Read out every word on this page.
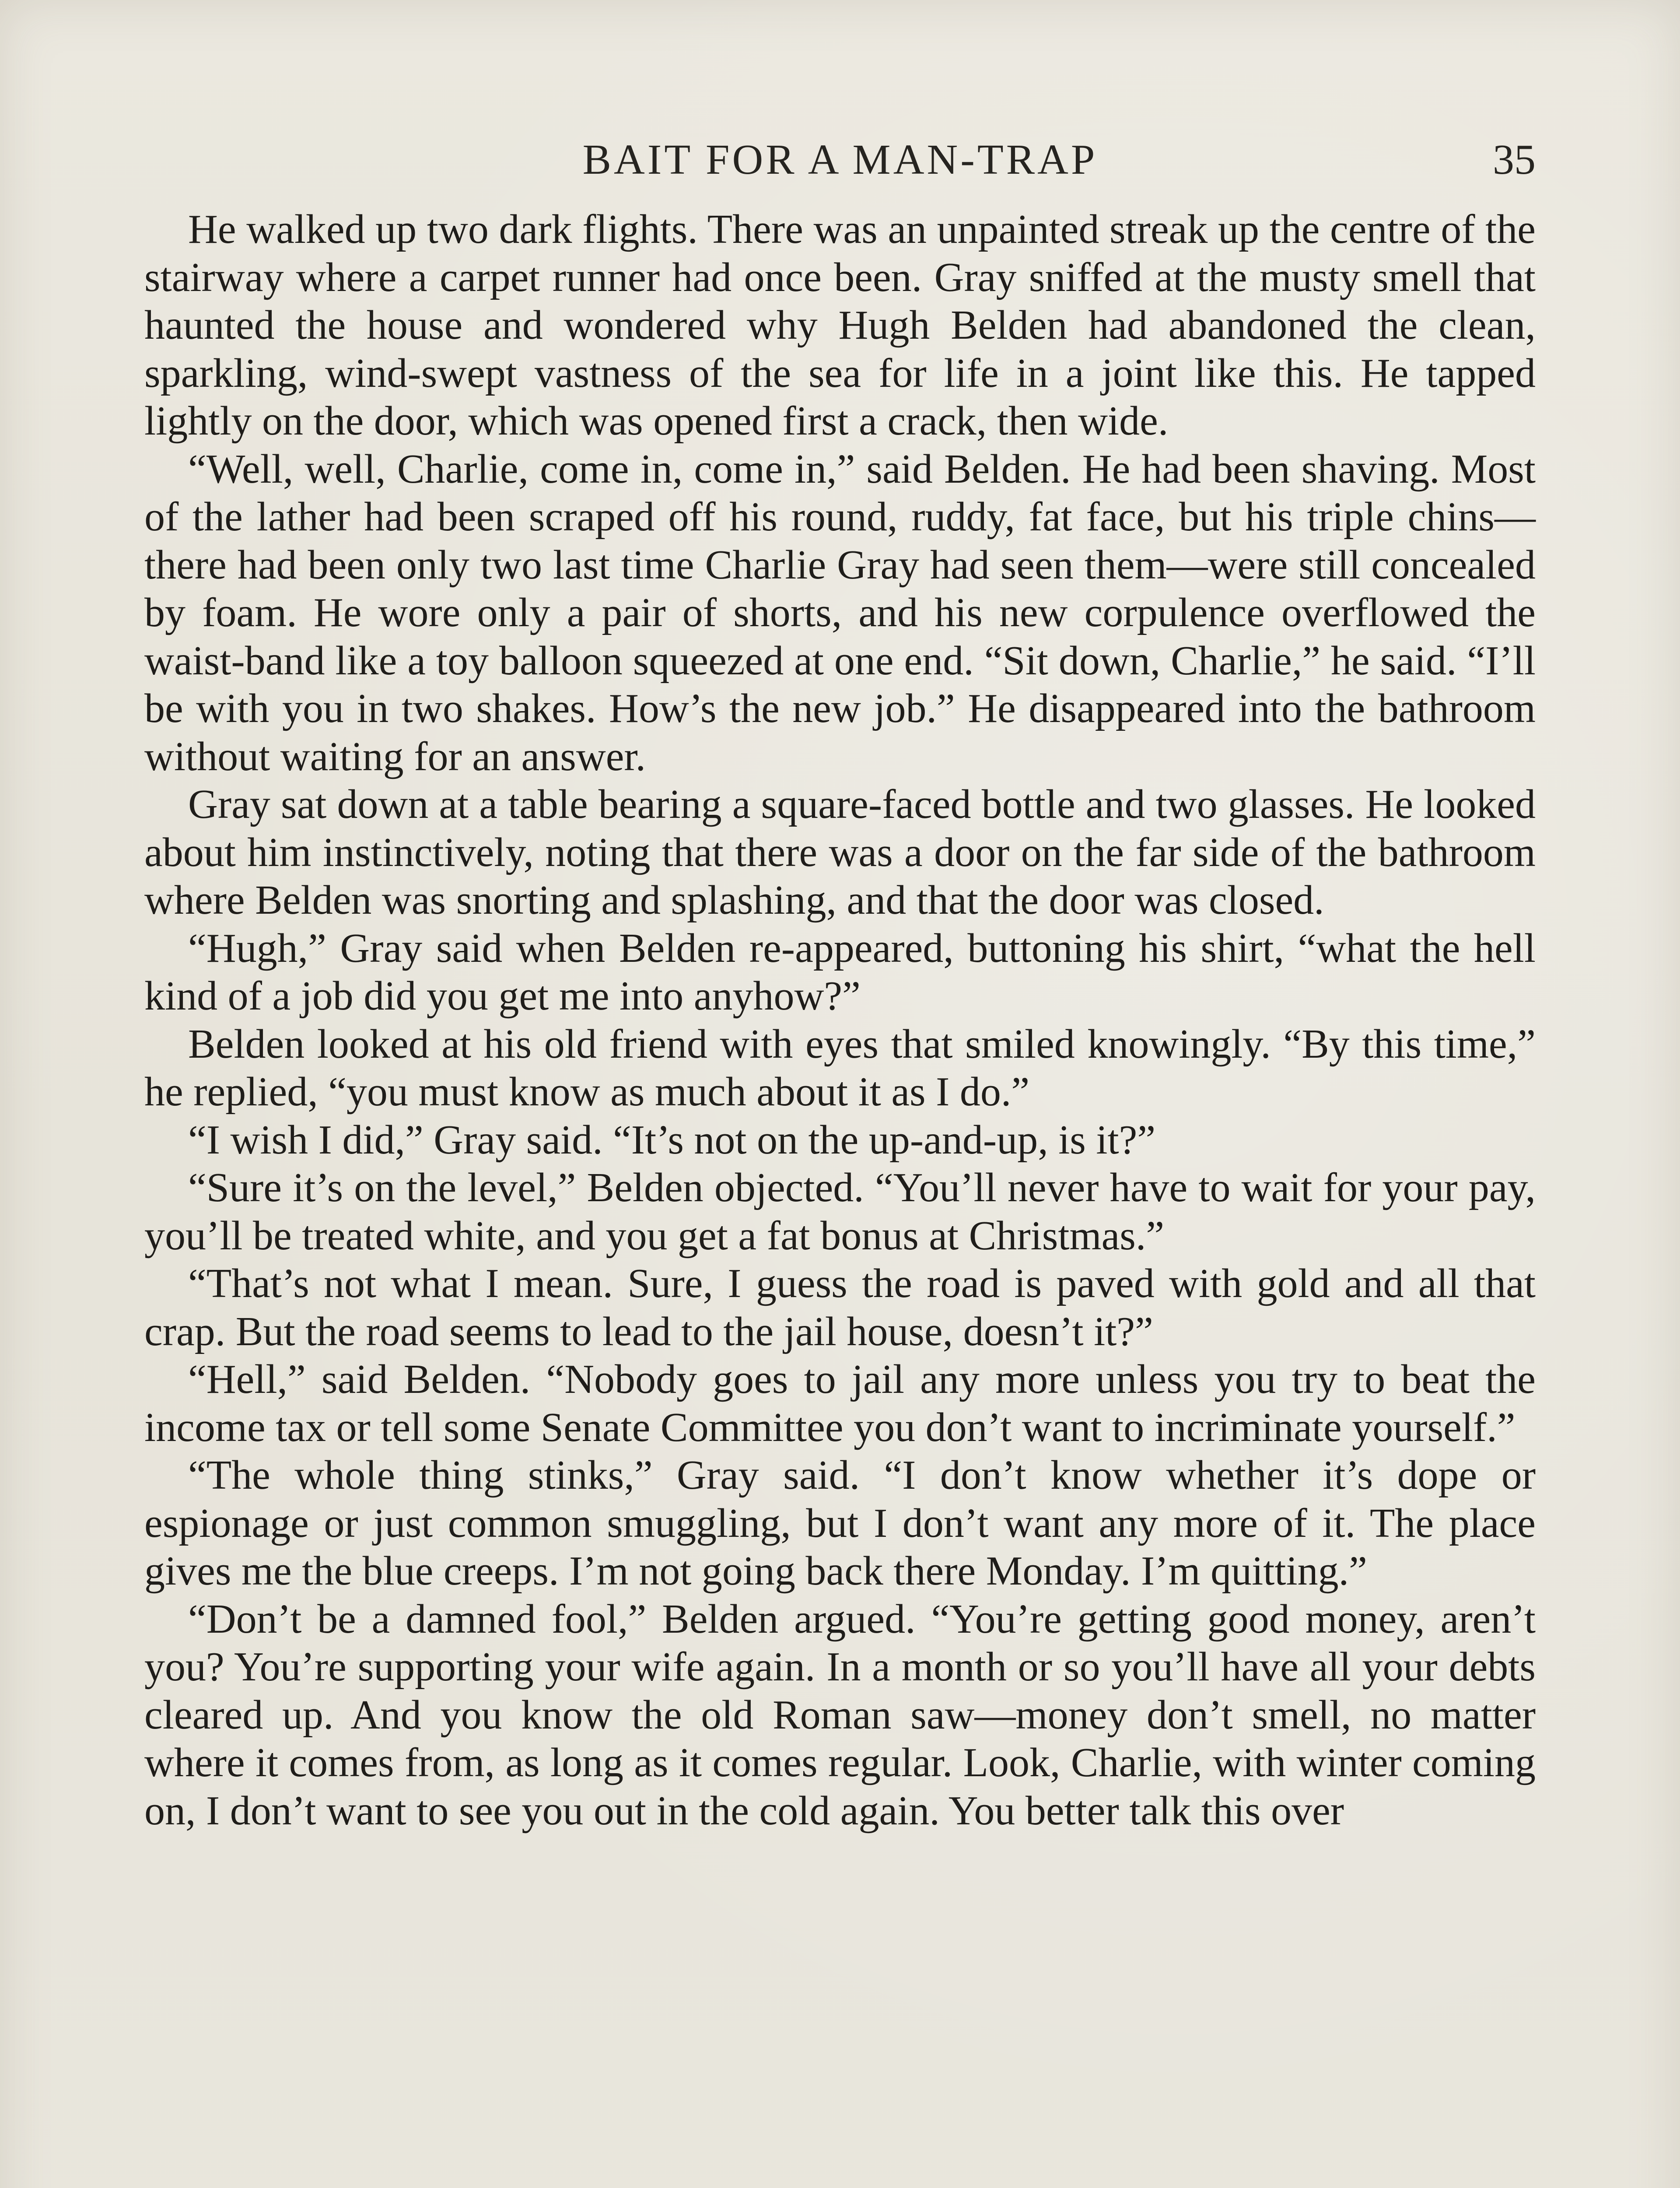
BAIT FOR A MAN-TRAP	35

He walked up two dark flights. There was an unpainted streak up the centre of the stairway where a carpet runner had once been. Gray sniffed at the musty smell that haunted the house and wondered why Hugh Belden had abandoned the clean, sparkling, wind-swept vastness of the sea for life in a joint like this. He tapped lightly on the door, which was opened first a crack, then wide.

“Well, well, Charlie, come in, come in,” said Belden. He had been shaving. Most of the lather had been scraped off his round, ruddy, fat face, but his triple chins—there had been only two last time Charlie Gray had seen them—were still concealed by foam. He wore only a pair of shorts, and his new corpulence overflowed the waist-band like a toy balloon squeezed at one end. “Sit down, Charlie,” he said. “I’ll be with you in two shakes. How’s the new job.” He disappeared into the bathroom without waiting for an answer.

Gray sat down at a table bearing a square-faced bottle and two glasses. He looked about him instinctively, noting that there was a door on the far side of the bathroom where Belden was snorting and splashing, and that the door was closed.

“Hugh,” Gray said when Belden re-appeared, buttoning his shirt, “what the hell kind of a job did you get me into anyhow?”

Belden looked at his old friend with eyes that smiled knowingly. “By this time,” he replied, “you must know as much about it as I do.”

“I wish I did,” Gray said. “It’s not on the up-and-up, is it?”

“Sure it’s on the level,” Belden objected. “You’ll never have to wait for your pay, you’ll be treated white, and you get a fat bonus at Christmas.”

“That’s not what I mean. Sure, I guess the road is paved with gold and all that crap. But the road seems to lead to the jail house, doesn’t it?”

“Hell,” said Belden. “Nobody goes to jail any more unless you try to beat the income tax or tell some Senate Committee you don’t want to incriminate yourself.”

“The whole thing stinks,” Gray said. “I don’t know whether it’s dope or espionage or just common smuggling, but I don’t want any more of it. The place gives me the blue creeps. I’m not going back there Monday. I’m quitting.”

“Don’t be a damned fool,” Belden argued. “You’re getting good money, aren’t you? You’re supporting your wife again. In a month or so you’ll have all your debts cleared up. And you know the old Roman saw—money don’t smell, no matter where it comes from, as long as it comes regular. Look, Charlie, with winter coming on, I don’t want to see you out in the cold again. You better talk this over
